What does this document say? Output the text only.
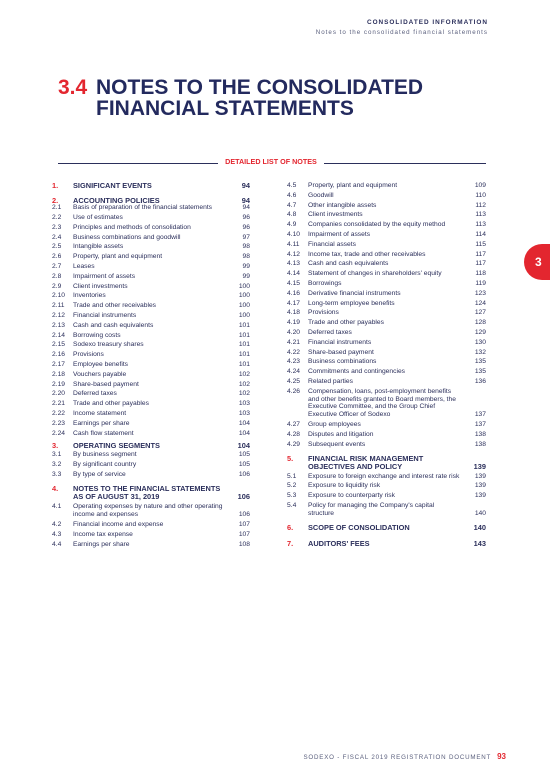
CONSOLIDATED INFORMATION
Notes to the consolidated financial statements
3.4 NOTES TO THE CONSOLIDATED
FINANCIAL STATEMENTS
DETAILED LIST OF NOTES
3
1. SIGNIFICANT EVENTS	94
2. ACCOUNTING POLICIES	94
2.1 Basis of preparation of the financial statements	94
2.2 Use of estimates	96
2.3 Principles and methods of consolidation	96
2.4 Business combinations and goodwill	97
2.5 Intangible assets	98
2.6 Property, plant and equipment	98
2.7 Leases	99
2.8 Impairment of assets	99
2.9 Client investments	100
2.10 Inventories	100
2.11 Trade and other receivables	100
2.12 Financial instruments	100
2.13 Cash and cash equivalents	101
2.14 Borrowing costs	101
2.15 Sodexo treasury shares	101
2.16 Provisions	101
2.17 Employee benefits	101
2.18 Vouchers payable	102
2.19 Share-based payment	102
2.20 Deferred taxes	102
2.21 Trade and other payables	103
2.22 Income statement	103
2.23 Earnings per share	104
2.24 Cash flow statement	104
3. OPERATING SEGMENTS	104
3.1 By business segment	105
3.2 By significant country	105
3.3 By type of service	106
4. NOTES TO THE FINANCIAL STATEMENTS AS OF AUGUST 31, 2019	106
4.1 Operating expenses by nature and other operating income and expenses	106
4.2 Financial income and expense	107
4.3 Income tax expense	107
4.4 Earnings per share	108
4.5 Property, plant and equipment	109
4.6 Goodwill	110
4.7 Other intangible assets	112
4.8 Client investments	113
4.9 Companies consolidated by the equity method	113
4.10 Impairment of assets	114
4.11 Financial assets	115
4.12 Income tax, trade and other receivables	117
4.13 Cash and cash equivalents	117
4.14 Statement of changes in shareholders' equity	118
4.15 Borrowings	119
4.16 Derivative financial instruments	123
4.17 Long-term employee benefits	124
4.18 Provisions	127
4.19 Trade and other payables	128
4.20 Deferred taxes	129
4.21 Financial instruments	130
4.22 Share-based payment	132
4.23 Business combinations	135
4.24 Commitments and contingencies	135
4.25 Related parties	136
4.26 Compensation, loans, post-employment benefits and other benefits granted to Board members, the Executive Committee, and the Group Chief Executive Officer of Sodexo	137
4.27 Group employees	137
4.28 Disputes and litigation	138
4.29 Subsequent events	138
5. FINANCIAL RISK MANAGEMENT OBJECTIVES AND POLICY	139
5.1 Exposure to foreign exchange and interest rate risk	139
5.2 Exposure to liquidity risk	139
5.3 Exposure to counterparty risk	139
5.4 Policy for managing the Company's capital structure	140
6. SCOPE OF CONSOLIDATION	140
7. AUDITORS' FEES	143
SODEXO - FISCAL 2019 REGISTRATION DOCUMENT 93
